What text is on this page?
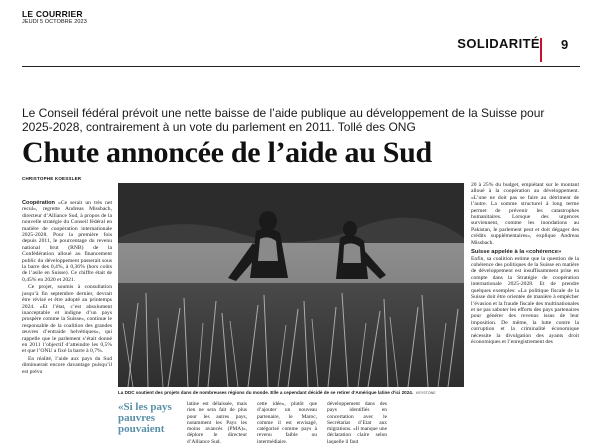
LE COURRIER
JEUDI 5 OCTOBRE 2023
SOLIDARITÉ 9
Le Conseil fédéral prévoit une nette baisse de l’aide publique au développement de la Suisse pour 2025-2028, contrairement à un vote du parlement en 2011. Tollé des ONG
Chute annoncée de l’aide au Sud
CHRISTOPHE KOESSLER
Coopération «Ce serait un très net recul», regrette Andreas Missbach, directeur d’Alliance Sud, à propos de la nouvelle stratégie du Conseil fédéral en matière de coopération internationale 2025-2028. Pour la première fois depuis 2011, le pourcentage du revenu national brut (RNB) de la Confédération alloué au financement public du développement passerait sous la barre des 0,4%, à 0,36% (hors coûts de l’asile en Suisse). Ce chiffre était de 0,45% en 2020 et 2021.
Ce projet, soumis à consultation jusqu’à fin septembre dernier, devrait être révisé et être adopté au printemps 2024. «Et l’état, c’est absolument inacceptable et indigne d’un pays prospère comme la Suisse», continue le responsable de la coalition des grandes œuvres d’entraide helvétiques», qui rappelle que le parlement s’était donné en 2011 l’objectif d’atteindre les 0,5% et que l’ONU a fixé la barre à 0,7%.
En réalité, l’aide aux pays du Sud diminuerait encore davantage puisqu’il est prévu
La DDC soutient des projets dans de nombreuses régions du monde. Elle a cependant décidé de se retirer d’Amérique latine d’ici 2024. KEYSTONE
20 à 25% du budget, empiétant sur le montant alloué à la coopération au développement. «L’une ne doit pas se faire au détriment de l’autre. La somme structurel à long terme permet de prévenir les catastrophes humanitaires. Lorsque des urgences surviennent, comme les inondations au Pakistan, le parlement peut et doit dégager des crédits supplémentaires», explique Andreas Missbach.
Suisse appelée à la «cohérence»
Enfin, sa coalition estime que la question de la cohérence des politiques de la Suisse en matière de développement est insuffisamment prise en compte dans la Stratégie de coopération internationale 2025-2028. Et de prendre quelques exemples: «La politique fiscale de la Suisse doit être orientée de manière à empêcher l’évasion et la fraude fiscale des multinationales et ne pas saboter les efforts des pays partenaires pour générer des revenus issus de leur imposition. De même, la lutte contre la corruption et la criminalité économique nécessite la divulgation des ayants droit économiques et l’enregistrement des
«Si les pays pauvres pouvaient
latine est délaissée, mais rien ne sera fait de plus pour les autres pays, notamment les Pays les moins avancés (PMA)», déplore le directeur d’Alliance Sud.
cette idée», plutôt que d’ajouter un nouveau partenaire, le Maroc, comme il est envisagé, catégorisé comme pays à revenu faible ou intermédiaire.
développement dans des pays identifiés en concertation avec le Secrétariat d’Etat aux migrations. «Il manque une déclaration claire selon laquelle il faut
